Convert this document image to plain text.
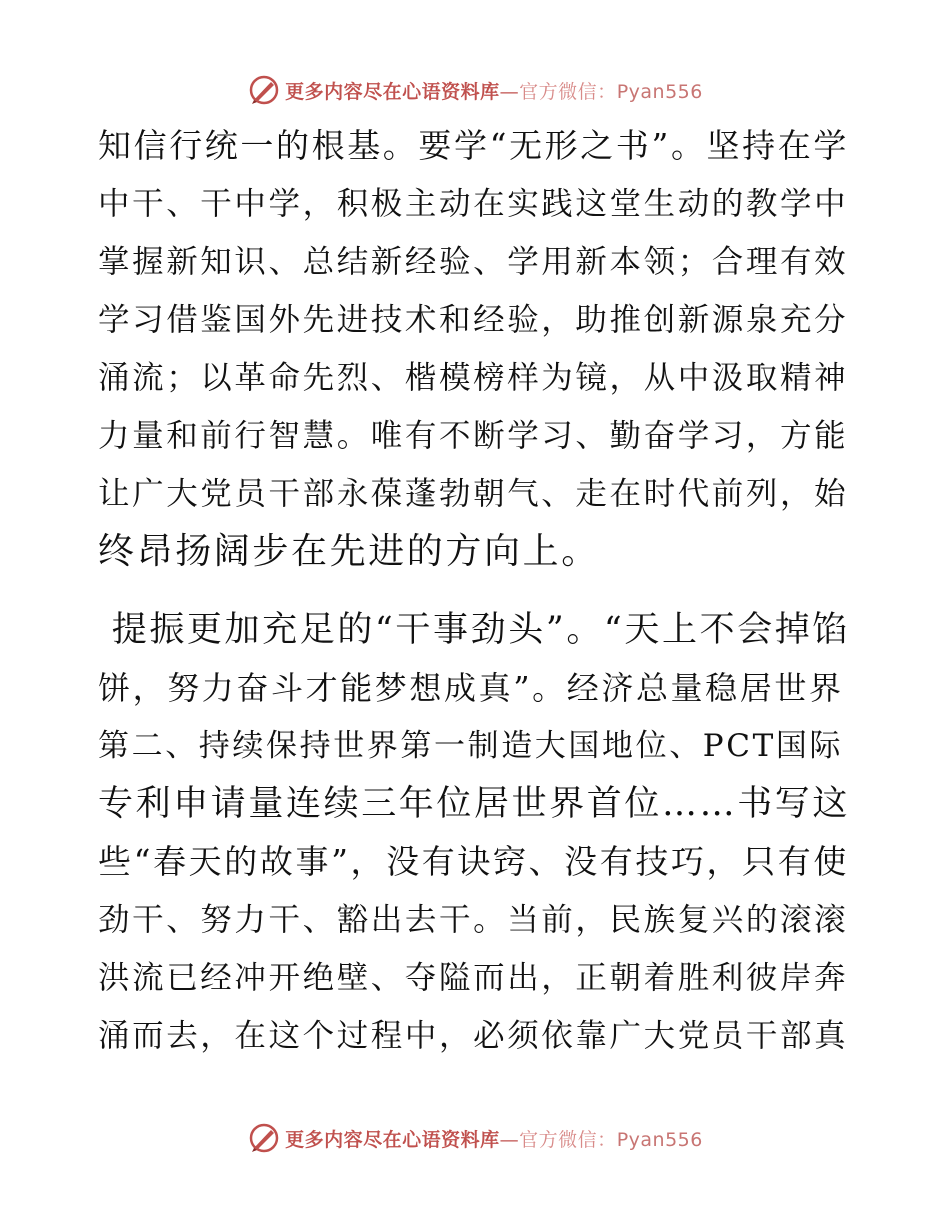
更多内容尽在心语资料库—官方微信：Pyan556

知信行统一的根基。要学“无形之书”。坚持在学
中干、干中学，积极主动在实践这堂生动的教学中
掌握新知识、总结新经验、学用新本领；合理有效
学习借鉴国外先进技术和经验，助推创新源泉充分
涌流；以革命先烈、楷模榜样为镜，从中汲取精神
力量和前行智慧。唯有不断学习、勤奋学习，方能
让广大党员干部永葆蓬勃朝气、走在时代前列，始
终昂扬阔步在先进的方向上。

提振更加充足的“干事劲头”。“天上不会掉馅
饼，努力奋斗才能梦想成真”。经济总量稳居世界
第二、持续保持世界第一制造大国地位、PCT国际
专利申请量连续三年位居世界首位……书写这
些“春天的故事”，没有诀窍、没有技巧，只有使
劲干、努力干、豁出去干。当前，民族复兴的滚滚
洪流已经冲开绝壁、夺隘而出，正朝着胜利彼岸奔
涌而去，在这个过程中，必须依靠广大党员干部真

更多内容尽在心语资料库—官方微信：Pyan556
